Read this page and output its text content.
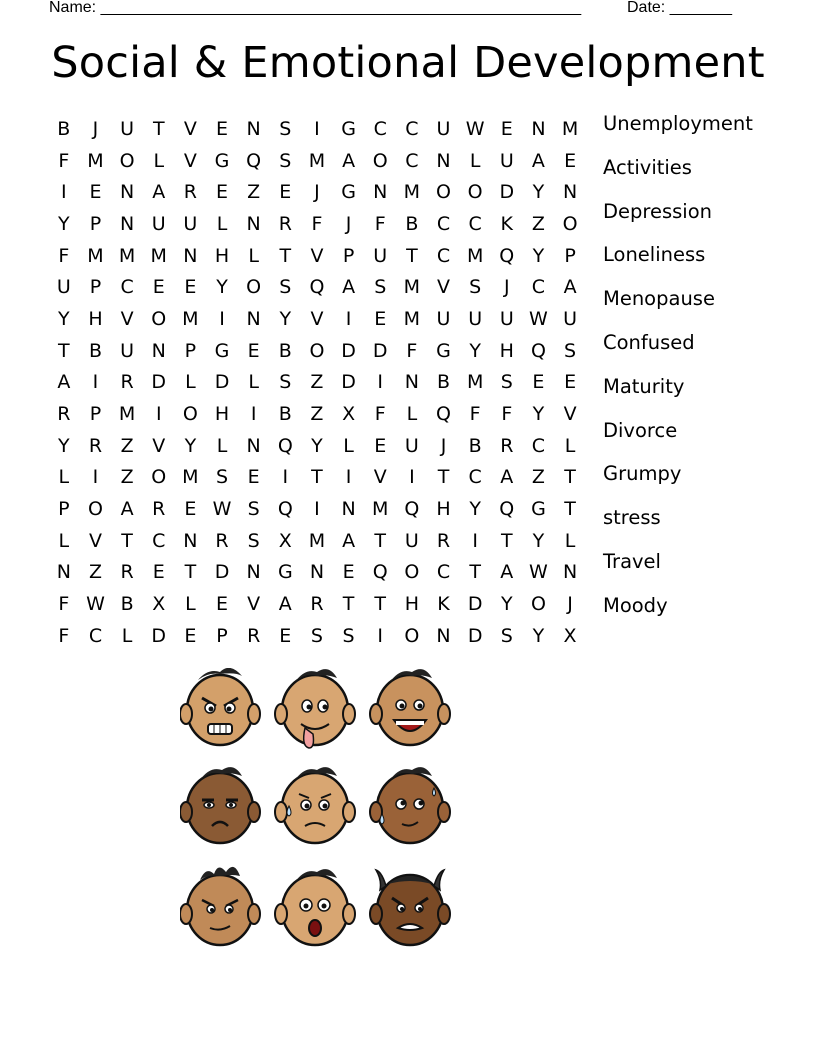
Name: ______________________________________________________	Date: _______
Social & Emotional Development
B	J	U T	V	E N S	I	G C C U W E N M
F M O L	V G Q S M A O C N	L	U A	E
I	E N A R	E	Z	E	J	G N M O O D Y N
Y	P N U U	L	N R	F	J	F	B C C K Z O
F M M M N H	L	T	V	P U T	C M Q Y	P
U P	C	E	E	Y O S Q A	S M V	S	J	C A
Y H V O M	I	N Y	V	I	E M U U U W U
T	B U N P G E	B O D D F G Y H Q S
A	I	R D	L	D	L	S	Z D	I	N B M S	E	E
R	P M	I	O H	I	B Z X	F	L Q F	F	Y	V
Y	R Z V	Y	L	N Q Y	L	E U	J	B R C	L
L	I	Z O M S	E	I	T	I	V	I	T	C A Z	T
P O A R	E W S Q	I	N M Q H Y Q G T
L	V	T	C N R	S	X M A	T U R	I	T	Y	L
N Z R	E	T D N G N E Q O C	T	A W N
F W B X	L	E	V A R	T	T H K D Y O	J
F	C	L	D E	P	R	E	S	S	I	O N D S	Y	X
Unemployment
Activities
Depression
Loneliness
Menopause
Confused
Maturity
Divorce
Grumpy
stress
Travel
Moody
